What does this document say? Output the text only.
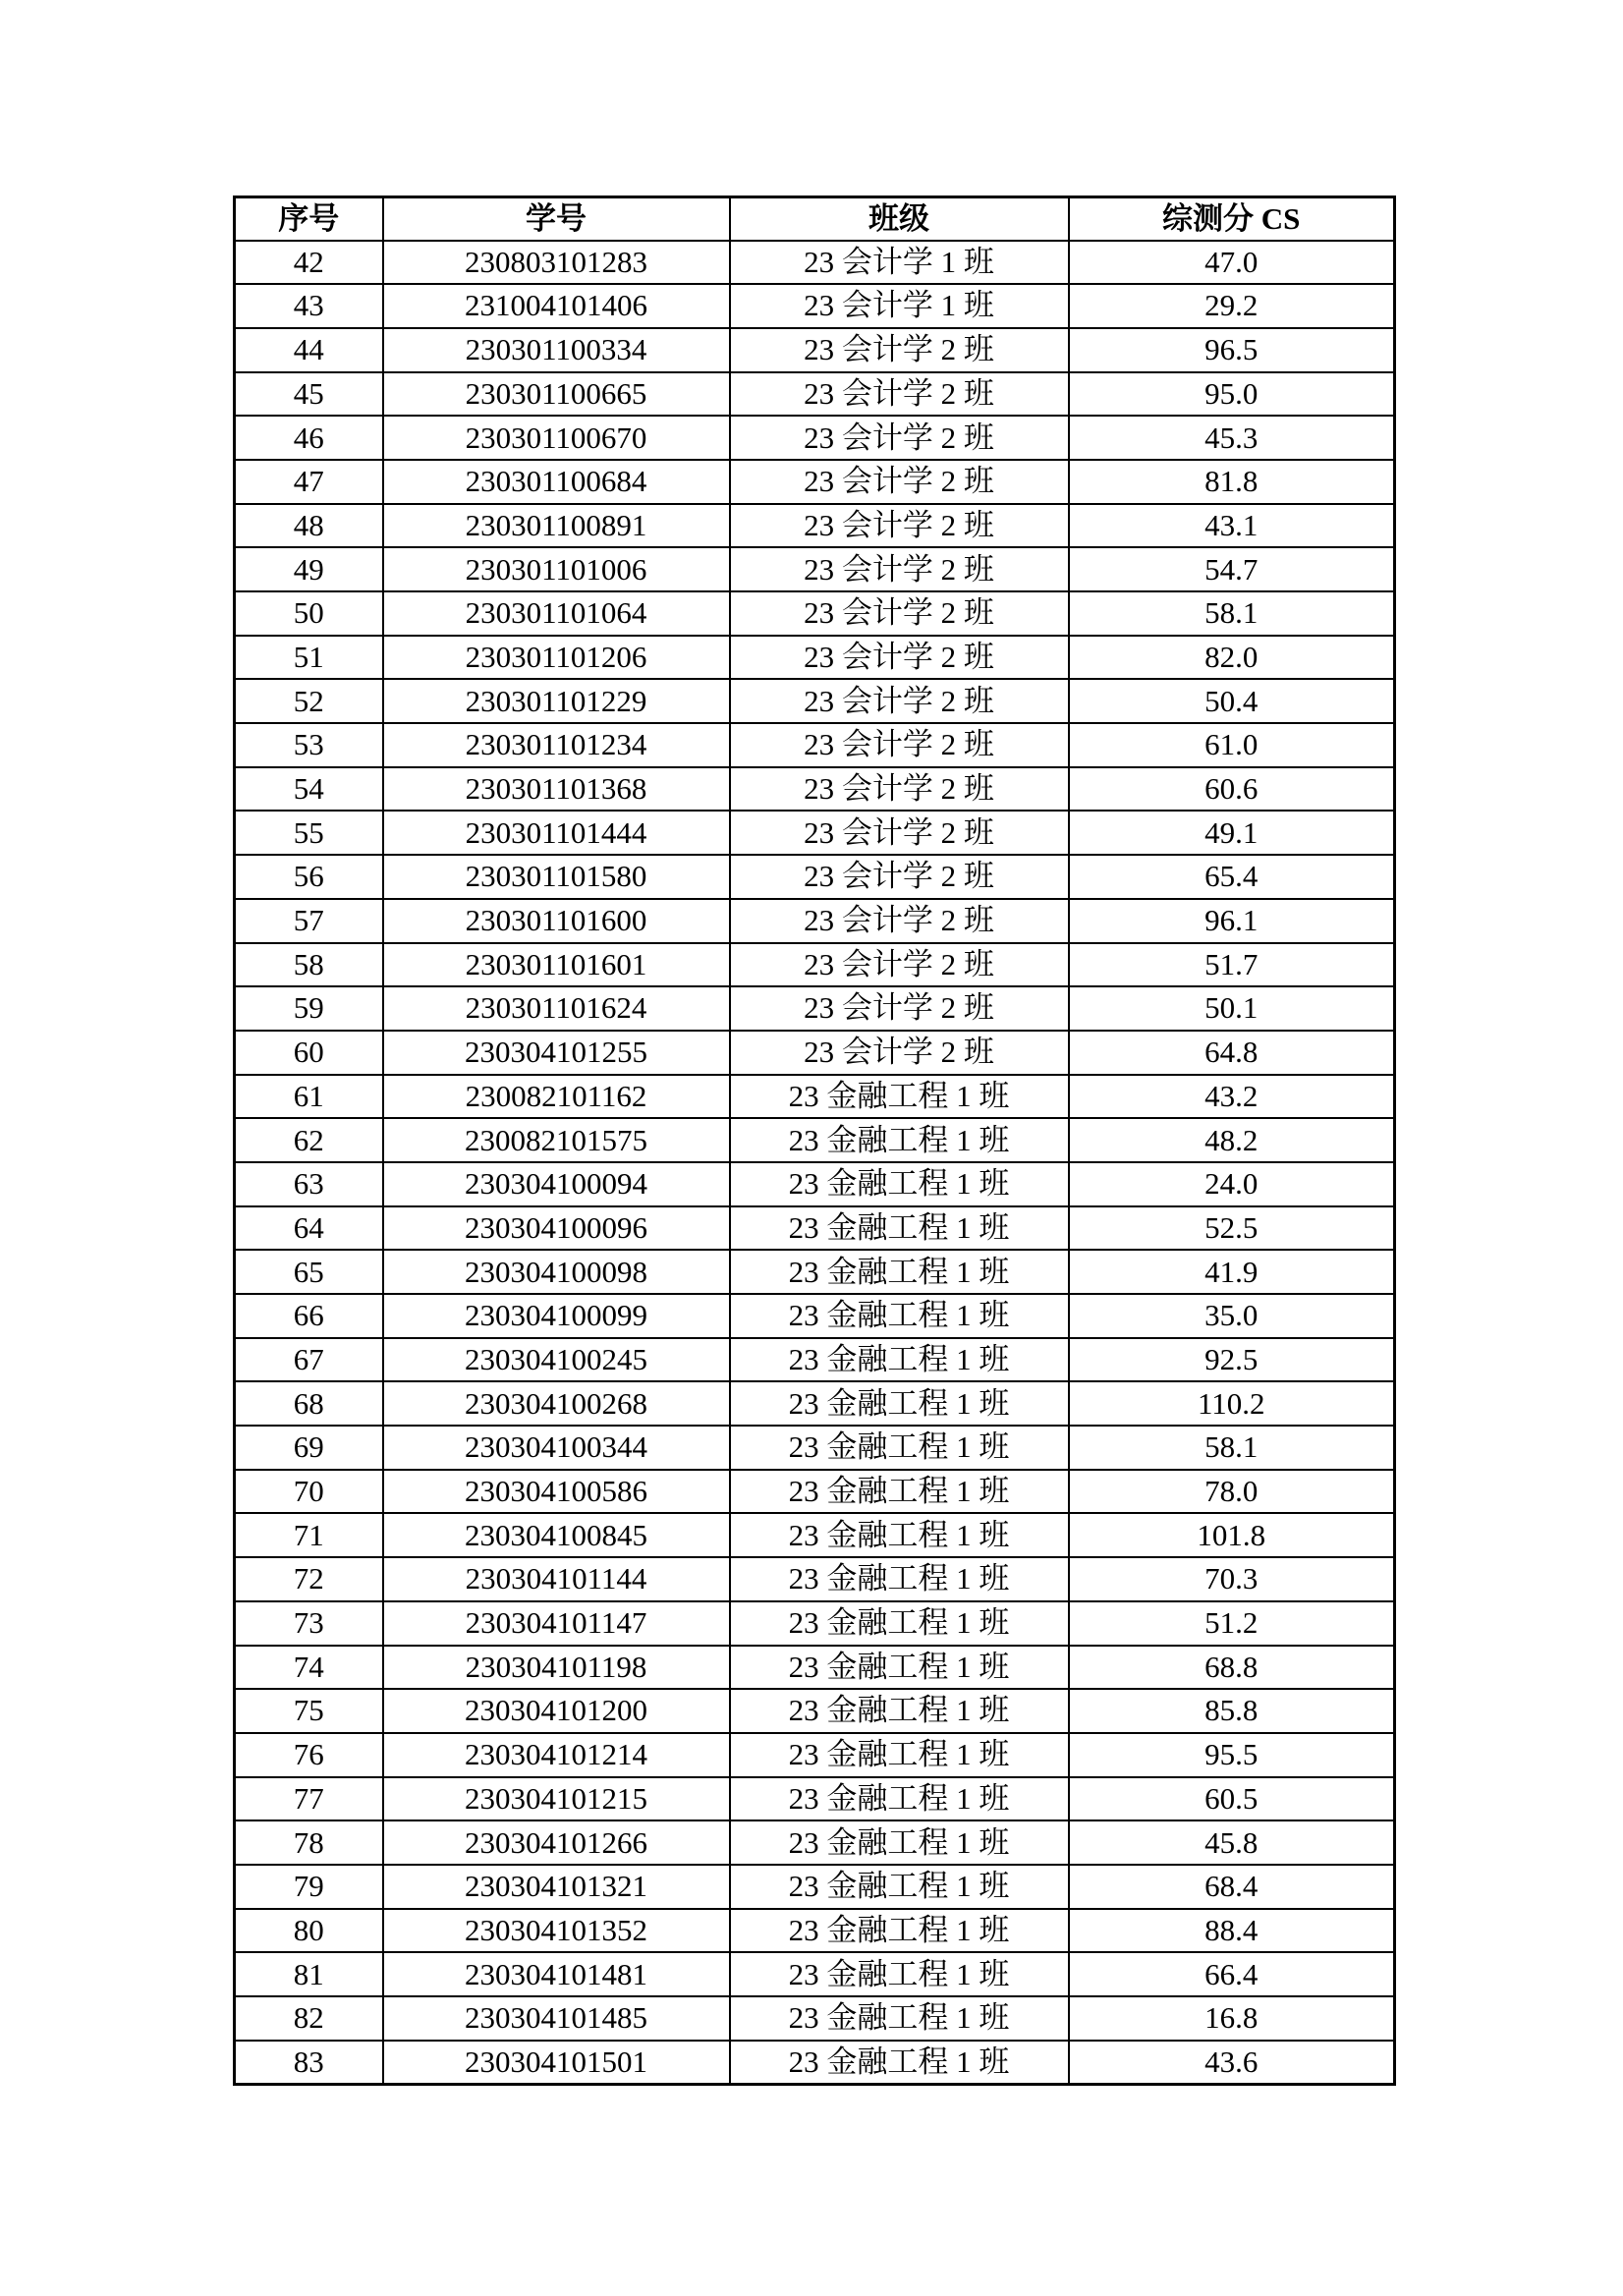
序号	学号	班级	综测分 CS
42	230803101283	23 会计学 1 班	47.0
43	231004101406	23 会计学 1 班	29.2
44	230301100334	23 会计学 2 班	96.5
45	230301100665	23 会计学 2 班	95.0
46	230301100670	23 会计学 2 班	45.3
47	230301100684	23 会计学 2 班	81.8
48	230301100891	23 会计学 2 班	43.1
49	230301101006	23 会计学 2 班	54.7
50	230301101064	23 会计学 2 班	58.1
51	230301101206	23 会计学 2 班	82.0
52	230301101229	23 会计学 2 班	50.4
53	230301101234	23 会计学 2 班	61.0
54	230301101368	23 会计学 2 班	60.6
55	230301101444	23 会计学 2 班	49.1
56	230301101580	23 会计学 2 班	65.4
57	230301101600	23 会计学 2 班	96.1
58	230301101601	23 会计学 2 班	51.7
59	230301101624	23 会计学 2 班	50.1
60	230304101255	23 会计学 2 班	64.8
61	230082101162	23 金融工程 1 班	43.2
62	230082101575	23 金融工程 1 班	48.2
63	230304100094	23 金融工程 1 班	24.0
64	230304100096	23 金融工程 1 班	52.5
65	230304100098	23 金融工程 1 班	41.9
66	230304100099	23 金融工程 1 班	35.0
67	230304100245	23 金融工程 1 班	92.5
68	230304100268	23 金融工程 1 班	110.2
69	230304100344	23 金融工程 1 班	58.1
70	230304100586	23 金融工程 1 班	78.0
71	230304100845	23 金融工程 1 班	101.8
72	230304101144	23 金融工程 1 班	70.3
73	230304101147	23 金融工程 1 班	51.2
74	230304101198	23 金融工程 1 班	68.8
75	230304101200	23 金融工程 1 班	85.8
76	230304101214	23 金融工程 1 班	95.5
77	230304101215	23 金融工程 1 班	60.5
78	230304101266	23 金融工程 1 班	45.8
79	230304101321	23 金融工程 1 班	68.4
80	230304101352	23 金融工程 1 班	88.4
81	230304101481	23 金融工程 1 班	66.4
82	230304101485	23 金融工程 1 班	16.8
83	230304101501	23 金融工程 1 班	43.6
